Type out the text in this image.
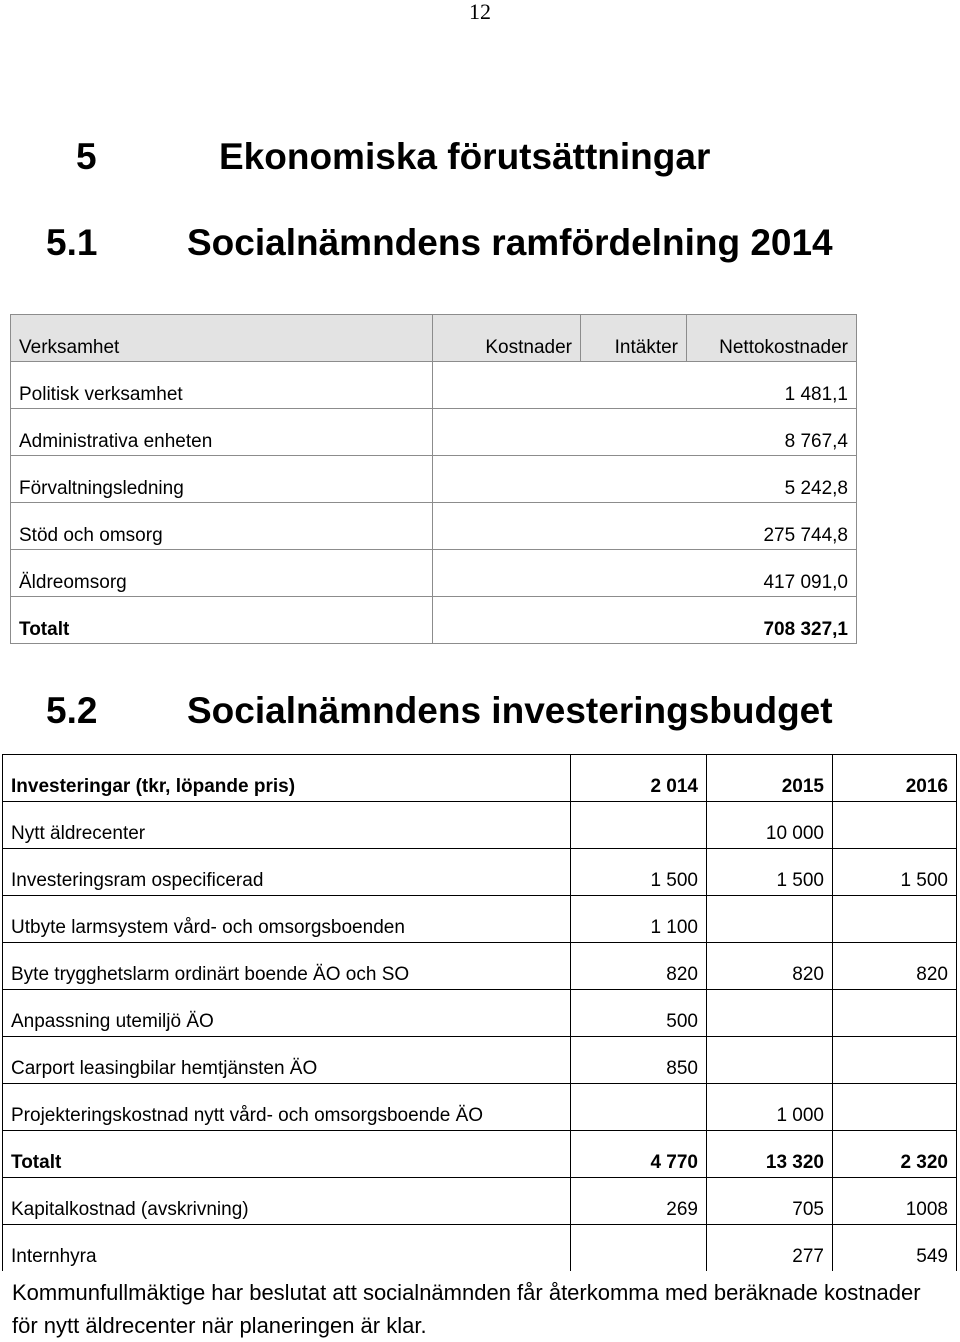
12
5	Ekonomiska förutsättningar
5.1 Socialnämndens ramfördelning 2014
Verksamhet	Kostnader	Intäkter	Nettokostnader
Politisk verksamhet	1 481,1		
Administrativa enheten	8 767,4		
Förvaltningsledning	5 242,8		
Stöd och omsorg	275 744,8		
Äldreomsorg	417 091,0		
Totalt	708 327,1		
5.2 Socialnämndens investeringsbudget
Investeringar (tkr, löpande pris)	2 014	2015	2016
Nytt äldrecenter		10 000	
Investeringsram ospecificerad	1 500	1 500	1 500
Utbyte larmsystem vård- och omsorgsboenden	1 100		
Byte trygghetslarm ordinärt boende ÄO och SO	820	820	820
Anpassning utemiljö ÄO	500		
Carport leasingbilar hemtjänsten ÄO	850		
Projekteringskostnad nytt vård- och omsorgsboende ÄO		1 000	
Totalt	4 770	13 320	2 320
Kapitalkostnad (avskrivning)	269	705	1008
Internhyra		277	549
Kommunfullmäktige har beslutat att socialnämnden får återkomma med beräknade kostnader för nytt äldrecenter när planeringen är klar.
